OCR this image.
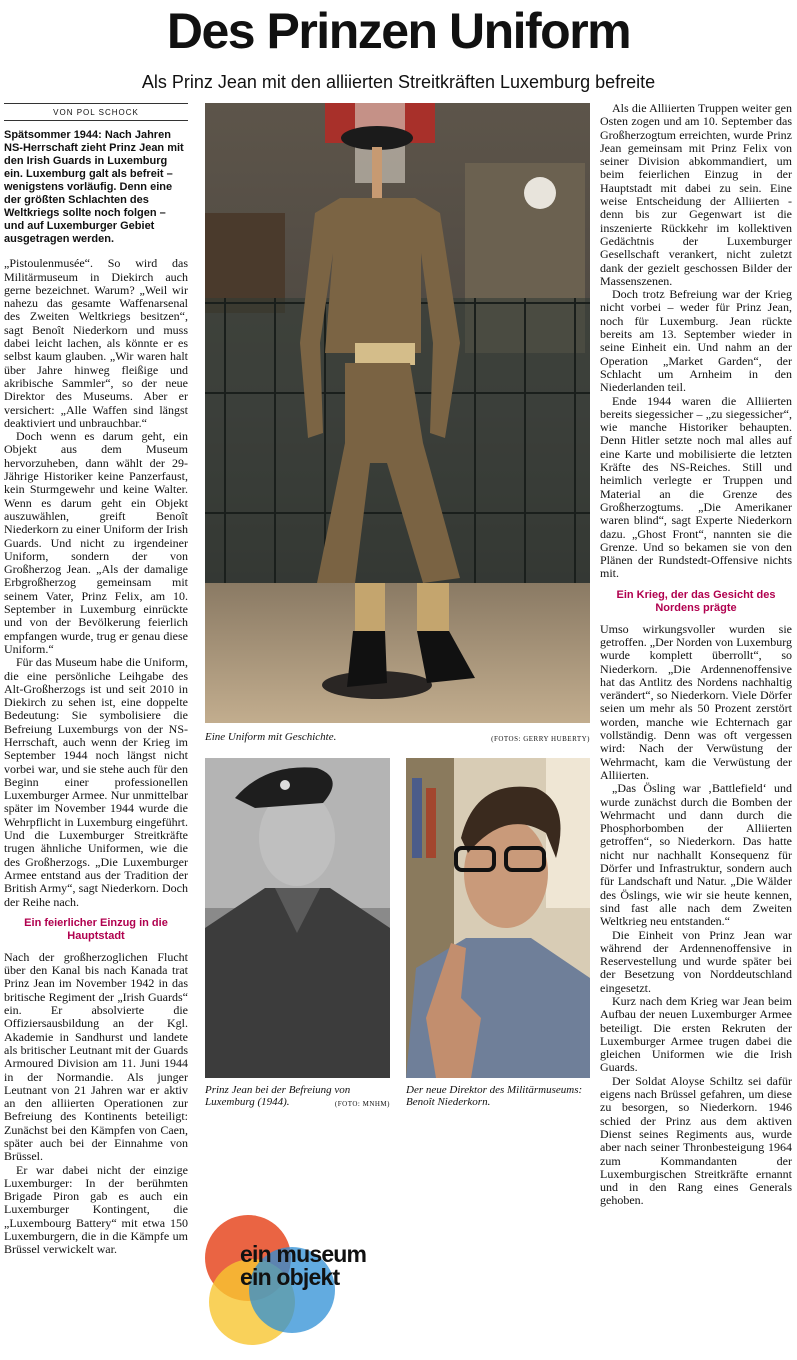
Des Prinzen Uniform
Als Prinz Jean mit den alliierten Streitkräften Luxemburg befreite
VON POL SCHOCK
Spätsommer 1944: Nach Jahren NS-Herrschaft zieht Prinz Jean mit den Irish Guards in Luxemburg ein. Luxemburg galt als befreit – wenigstens vorläufig. Denn eine der größten Schlachten des Weltkriegs sollte noch folgen – und auf Luxemburger Gebiet ausgetragen werden.

„Pistoulenmusée“. So wird das Militärmuseum in Diekirch auch gerne bezeichnet. Warum? „Weil wir nahezu das gesamte Waffenarsenal des Zweiten Weltkriegs besitzen“, sagt Benoît Niederkorn und muss dabei leicht lachen, als könnte er es selbst kaum glauben. „Wir waren halt über Jahre hinweg fleißige und akribische Sammler“, so der neue Direktor des Museums. Aber er versichert: „Alle Waffen sind längst deaktiviert und unbrauchbar.“

Doch wenn es darum geht, ein Objekt aus dem Museum hervorzuheben, dann wählt der 29-Jährige Historiker keine Panzerfaust, kein Sturmgewehr und keine Walter. Wenn es darum geht ein Objekt auszuwählen, greift Benoît Niederkorn zu einer Uniform der Irish Guards. Und nicht zu irgendeiner Uniform, sondern der von Großherzog Jean. „Als der damalige Erbgroßherzog gemeinsam mit seinem Vater, Prinz Felix, am 10. September in Luxemburg einrückte und von der Bevölkerung feierlich empfangen wurde, trug er genau diese Uniform.“

Für das Museum habe die Uniform, die eine persönliche Leihgabe des Alt-Großherzogs ist und seit 2010 in Diekirch zu sehen ist, eine doppelte Bedeutung: Sie symbolisiere die Befreiung Luxemburgs von der NS-Herrschaft, auch wenn der Krieg im September 1944 noch längst nicht vorbei war, und sie stehe auch für den Beginn einer professionellen Luxemburger Armee. Nur unmittelbar später im November 1944 wurde die Wehrpflicht in Luxemburg eingeführt. Und die Luxemburger Streitkräfte trugen ähnliche Uniformen, wie die des Großherzogs. „Die Luxemburger Armee entstand aus der Tradition der British Army“, sagt Niederkorn. Doch der Reihe nach.

Ein feierlicher Einzug in die Hauptstadt

Nach der großherzoglichen Flucht über den Kanal bis nach Kanada trat Prinz Jean im November 1942 in das britische Regiment der „Irish Guards“ ein. Er absolvierte die Offiziersausbildung an der Kgl. Akademie in Sandhurst und landete als britischer Leutnant mit der Guards Armoured Division am 11. Juni 1944 in der Normandie. Als junger Leutnant von 21 Jahren war er aktiv an den alliierten Operationen zur Befreiung des Kontinents beteiligt: Zunächst bei den Kämpfen von Caen, später auch bei der Einnahme von Brüssel.

Er war dabei nicht der einzige Luxemburger: In der berühmten Brigade Piron gab es auch ein Luxemburger Kontingent, die „Luxembourg Battery“ mit etwa 150 Luxemburgern, die in die Kämpfe um Brüssel verwickelt war.

Eine Uniform mit Geschichte.	(FOTOS: GERRY HUBERTY)
Prinz Jean bei der Befreiung von Luxemburg (1944).	(FOTO: MNHM)
Der neue Direktor des Militärmuseums: Benoît Niederkorn.
ein museum
ein objekt

Als die Alliierten Truppen weiter gen Osten zogen und am 10. September das Großherzogtum erreichten, wurde Prinz Jean gemeinsam mit Prinz Felix von seiner Division abkommandiert, um beim feierlichen Einzug in der Hauptstadt mit dabei zu sein. Eine weise Entscheidung der Alliierten - denn bis zur Gegenwart ist die inszenierte Rückkehr im kollektiven Gedächtnis der Luxemburger Gesellschaft verankert, nicht zuletzt dank der gezielt geschossen Bilder der Massenszenen.

Doch trotz Befreiung war der Krieg nicht vorbei – weder für Prinz Jean, noch für Luxemburg. Jean rückte bereits am 13. September wieder in seine Einheit ein. Und nahm an der Operation „Market Garden“, der Schlacht um Arnheim in den Niederlanden teil.

Ende 1944 waren die Alliierten bereits siegessicher – „zu siegessicher“, wie manche Historiker behaupten. Denn Hitler setzte noch mal alles auf eine Karte und mobilisierte die letzten Kräfte des NS-Reiches. Still und heimlich verlegte er Truppen und Material an die Grenze des Großherzogtums. „Die Amerikaner waren blind“, sagt Experte Niederkorn dazu. „Ghost Front“, nannten sie die Grenze. Und so bekamen sie von den Plänen der Rundstedt-Offensive nichts mit.

Ein Krieg, der das Gesicht des Nordens prägte

Umso wirkungsvoller wurden sie getroffen. „Der Norden von Luxemburg wurde komplett überrollt“, so Niederkorn. „Die Ardennenoffensive hat das Antlitz des Nordens nachhaltig verändert“, so Niederkorn. Viele Dörfer seien um mehr als 50 Prozent zerstört worden, manche wie Echternach gar vollständig. Denn was oft vergessen wird: Nach der Verwüstung der Wehrmacht, kam die Verwüstung der Alliierten.

„Das Ösling war ‚Battlefield‘ und wurde zunächst durch die Bomben der Wehrmacht und dann durch die Phosphorbomben der Alliierten getroffen“, so Niederkorn. Das hatte nicht nur nachhallt Konsequenz für Dörfer und Infrastruktur, sondern auch für Landschaft und Natur. „Die Wälder des Öslings, wie wir sie heute kennen, sind fast alle nach dem Zweiten Weltkrieg neu entstanden.“

Die Einheit von Prinz Jean war während der Ardennenoffensive in Reservestellung und wurde später bei der Besetzung von Norddeutschland eingesetzt.

Kurz nach dem Krieg war Jean beim Aufbau der neuen Luxemburger Armee beteiligt. Die ersten Rekruten der Luxemburger Armee trugen dabei die gleichen Uniformen wie die Irish Guards.

Der Soldat Aloyse Schiltz sei dafür eigens nach Brüssel gefahren, um diese zu besorgen, so Niederkorn. 1946 schied der Prinz aus dem aktiven Dienst seines Regiments aus, wurde aber nach seiner Thronbesteigung 1964 zum Kommandanten der Luxemburgischen Streitkräfte ernannt und in den Rang eines Generals gehoben.
